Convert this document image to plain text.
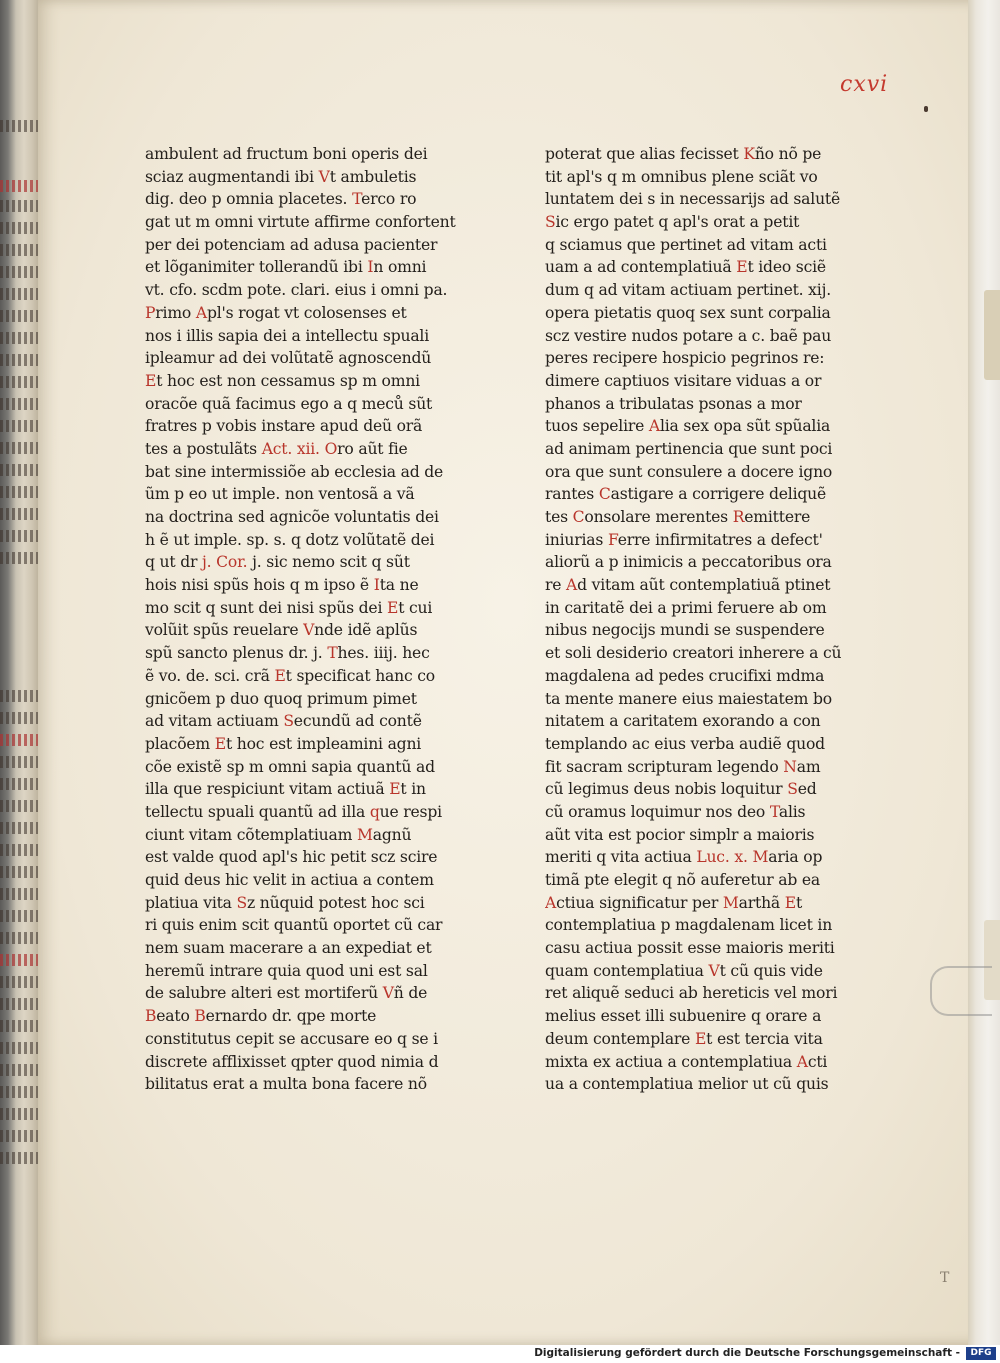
cxvi
ambulent ad fructum boni operis dei
sciaz augmentandi ibi Vt ambuletis
dig. deo p omnia placetes. Terco ro
gat ut m omni virtute affirme confortent
per dei potenciam ad adusa pacienter
et lõganimiter tollerandũ ibi In omni
vt. cfo. scdm pote. clari. eius i omni pa.
Primo Apl's rogat vt colosenses et
nos i illis sapia dei a intellectu spuali
ipleamur ad dei volũtatẽ agnoscendũ
Et hoc est non cessamus sp m omni
oracõe quã facimus ego a q meců sũt
fratres p vobis instare apud deũ orã
tes a postulãts Act. xii. Oro aũt fie
bat sine intermissiõe ab ecclesia ad de
ũm p eo ut imple. non ventosã a vã
na doctrina sed agnicõe voluntatis dei
h ẽ ut imple. sp. s. q dotz volũtatẽ dei
q ut dr j. Cor. j. sic nemo scit q sũt
hois nisi spũs hois q m ipso ẽ Ita ne
mo scit q sunt dei nisi spũs dei Et cui
volũit spũs reuelare Vnde idẽ aplũs
spũ sancto plenus dr. j. Thes. iiij. hec
ẽ vo. de. sci. crã Et specificat hanc co
gnicõem p duo quoq primum pimet
ad vitam actiuam Secundũ ad contẽ
placõem Et hoc est impleamini agni
cõe existẽ sp m omni sapia quantũ ad
illa que respiciunt vitam actiuã Et in
tellectu spuali quantũ ad illa que respi
ciunt vitam cõtemplatiuam Magnũ
est valde quod apl's hic petit scz scire
quid deus hic velit in actiua a contem
platiua vita Sz nũquid potest hoc sci
ri quis enim scit quantũ oportet cũ car
nem suam macerare a an expediat et
heremũ intrare quia quod uni est sal
de salubre alteri est mortiferũ Vñ de
Beato Bernardo dr. qpe morte
constitutus cepit se accusare eo q se i
discrete afflixisset qpter quod nimia d
bilitatus erat a multa bona facere nõ
poterat que alias fecisset Kño nõ pe
tit apl's q m omnibus plene sciãt vo
luntatem dei s in necessarijs ad salutẽ
Sic ergo patet q apl's orat a petit
q sciamus que pertinet ad vitam acti
uam a ad contemplatiuã Et ideo sciẽ
dum q ad vitam actiuam pertinet. xij.
opera pietatis quoq sex sunt corpalia
scz vestire nudos potare a c. baẽ pau
peres recipere hospicio pegrinos re:
dimere captiuos visitare viduas a or
phanos a tribulatas psonas a mor
tuos sepelire Alia sex opa sũt spũalia
ad animam pertinencia que sunt poci
ora que sunt consulere a docere igno
rantes Castigare a corrigere deliquẽ
tes Consolare merentes Remittere
iniurias Ferre infirmitatres a defect'
aliorũ a p inimicis a peccatoribus ora
re Ad vitam aũt contemplatiuã ptinet
in caritatẽ dei a primi feruere ab om
nibus negocijs mundi se suspendere
et soli desiderio creatori inherere a cũ
magdalena ad pedes crucifixi mdma
ta mente manere eius maiestatem bo
nitatem a caritatem exorando a con
templando ac eius verba audiẽ quod
fit sacram scripturam legendo Nam
cũ legimus deus nobis loquitur Sed
cũ oramus loquimur nos deo Talis
aũt vita est pocior simplr a maioris
meriti q vita actiua Luc. x. Maria op
timã pte elegit q nõ auferetur ab ea
Actiua significatur per Marthã Et
contemplatiua p magdalenam licet in
casu actiua possit esse maioris meriti
quam contemplatiua Vt cũ quis vide
ret aliquẽ seduci ab hereticis vel mori
melius esset illi subuenire q orare a
deum contemplare Et est tercia vita
mixta ex actiua a contemplatiua Acti
ua a contemplatiua melior ut cũ quis
T
Digitalisierung gefördert durch die Deutsche Forschungsgemeinschaft -	DFG
